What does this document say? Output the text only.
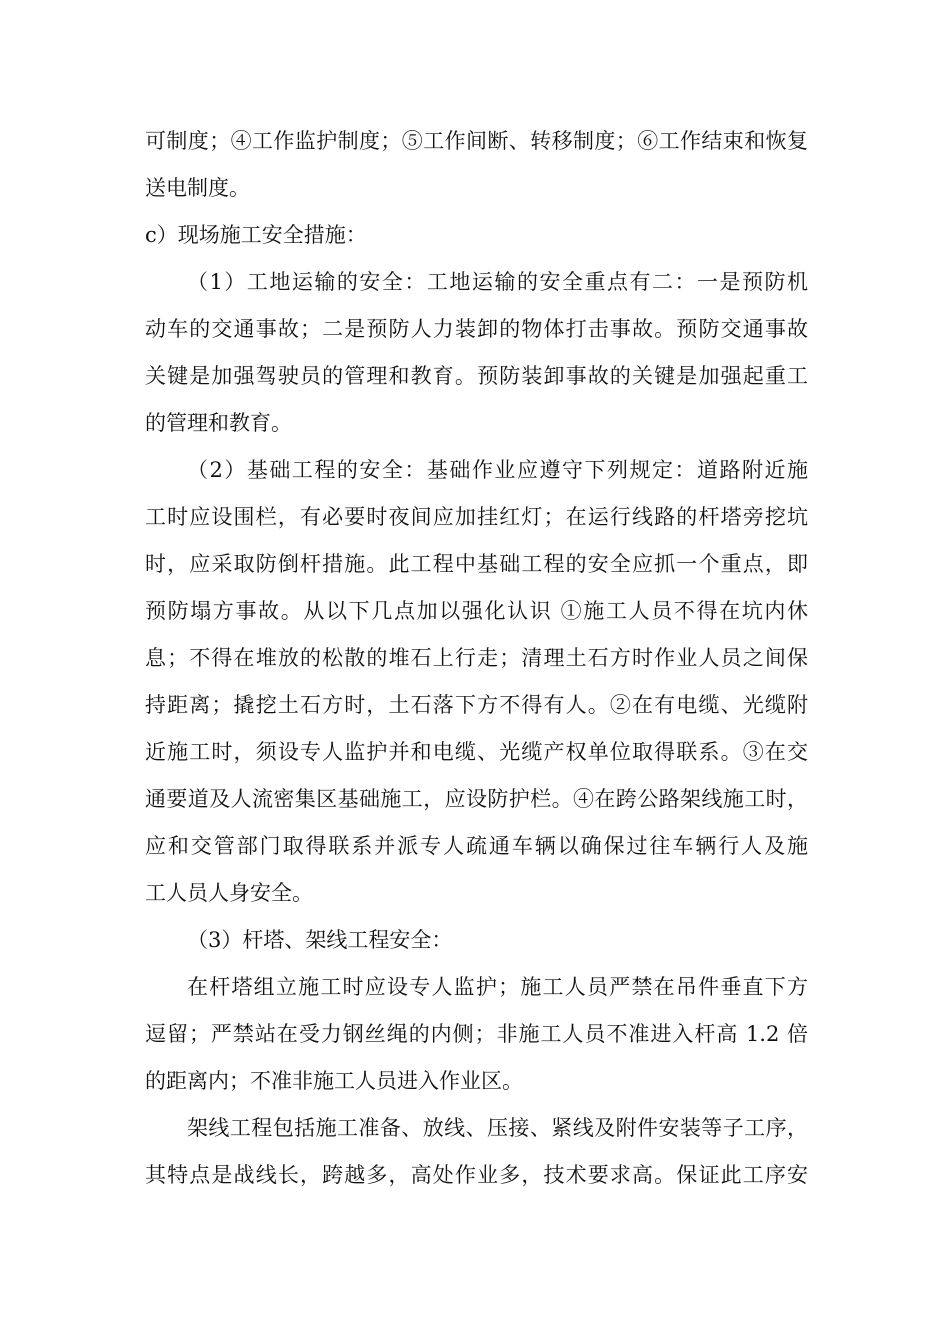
可制度；④工作监护制度；⑤工作间断、转移制度；⑥工作结束和恢复
送电制度。
c）现场施工安全措施：
（1）工地运输的安全：工地运输的安全重点有二：一是预防机
动车的交通事故；二是预防人力装卸的物体打击事故。预防交通事故
关键是加强驾驶员的管理和教育。预防装卸事故的关键是加强起重工
的管理和教育。
（2）基础工程的安全：基础作业应遵守下列规定：道路附近施
工时应设围栏，有必要时夜间应加挂红灯；在运行线路的杆塔旁挖坑
时，应采取防倒杆措施。此工程中基础工程的安全应抓一个重点，即
预防塌方事故。从以下几点加以强化认识 ①施工人员不得在坑内休
息；不得在堆放的松散的堆石上行走；清理土石方时作业人员之间保
持距离；撬挖土石方时，土石落下方不得有人。②在有电缆、光缆附
近施工时，须设专人监护并和电缆、光缆产权单位取得联系。③在交
通要道及人流密集区基础施工，应设防护栏。④在跨公路架线施工时，
应和交管部门取得联系并派专人疏通车辆以确保过往车辆行人及施
工人员人身安全。
（3）杆塔、架线工程安全：
在杆塔组立施工时应设专人监护；施工人员严禁在吊件垂直下方
逗留；严禁站在受力钢丝绳的内侧；非施工人员不准进入杆高 1.2 倍
的距离内；不准非施工人员进入作业区。
架线工程包括施工准备、放线、压接、紧线及附件安装等子工序，
其特点是战线长，跨越多，高处作业多，技术要求高。保证此工序安
